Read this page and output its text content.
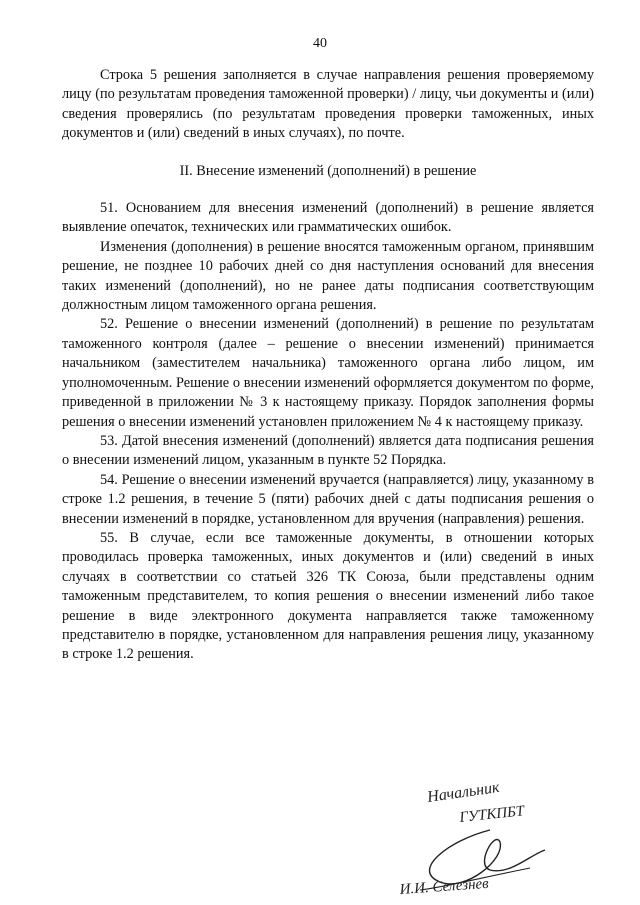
40

Строка 5 решения заполняется в случае направления решения проверяемому лицу (по результатам проведения таможенной проверки) / лицу, чьи документы и (или) сведения проверялись (по результатам проведения проверки таможенных, иных документов и (или) сведений в иных случаях), по почте.

II. Внесение изменений (дополнений) в решение

51. Основанием для внесения изменений (дополнений) в решение является выявление опечаток, технических или грамматических ошибок.

Изменения (дополнения) в решение вносятся таможенным органом, принявшим решение, не позднее 10 рабочих дней со дня наступления оснований для внесения таких изменений (дополнений), но не ранее даты подписания соответствующим должностным лицом таможенного органа решения.

52. Решение о внесении изменений (дополнений) в решение по результатам таможенного контроля (далее – решение о внесении изменений) принимается начальником (заместителем начальника) таможенного органа либо лицом, им уполномоченным. Решение о внесении изменений оформляется документом по форме, приведенной в приложении № 3 к настоящему приказу. Порядок заполнения формы решения о внесении изменений установлен приложением № 4 к настоящему приказу.

53. Датой внесения изменений (дополнений) является дата подписания решения о внесении изменений лицом, указанным в пункте 52 Порядка.

54. Решение о внесении изменений вручается (направляется) лицу, указанному в строке 1.2 решения, в течение 5 (пяти) рабочих дней с даты подписания решения о внесении изменений в порядке, установленном для вручения (направления) решения.

55. В случае, если все таможенные документы, в отношении которых проводилась проверка таможенных, иных документов и (или) сведений в иных случаях в соответствии со статьей 326 ТК Союза, были представлены одним таможенным представителем, то копия решения о внесении изменений либо такое решение в виде электронного документа направляется также таможенному представителю в порядке, установленном для направления решения лицу, указанному в строке 1.2 решения.

Начальник
ГУТКПБТ
И.И. Селезнев
